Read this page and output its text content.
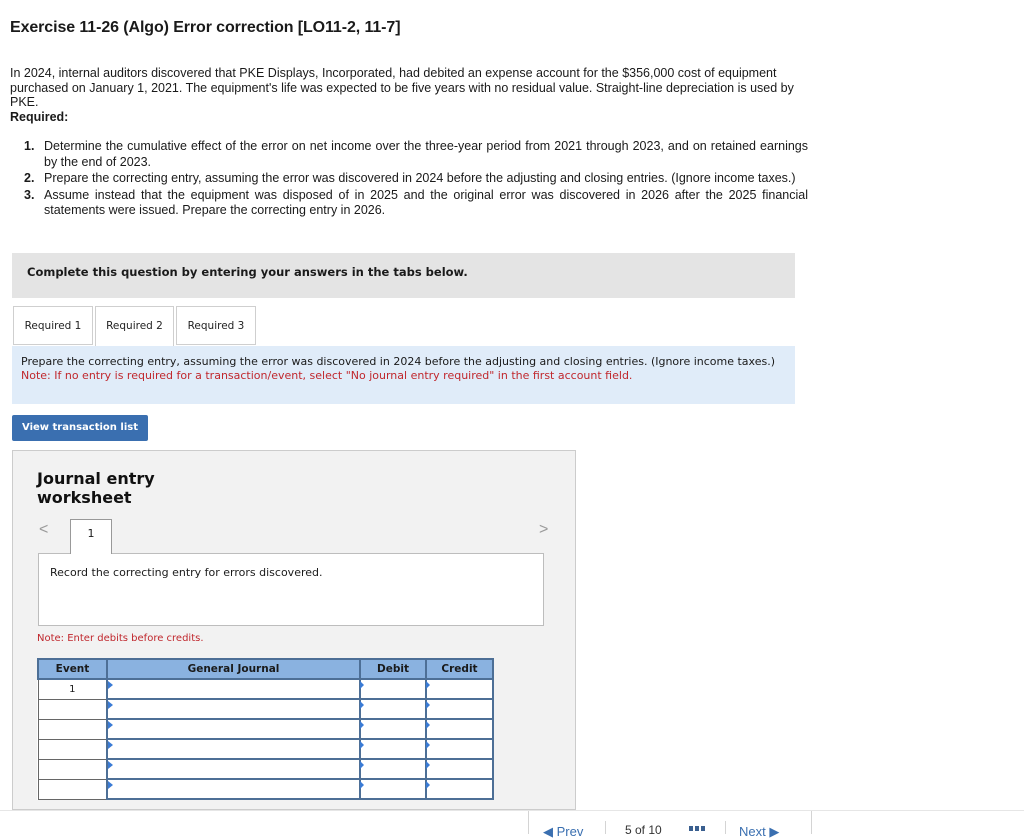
Exercise 11-26 (Algo) Error correction [LO11-2, 11-7]
In 2024, internal auditors discovered that PKE Displays, Incorporated, had debited an expense account for the $356,000 cost of equipment purchased on January 1, 2021. The equipment's life was expected to be five years with no residual value. Straight-line depreciation is used by PKE.
Required:
1. Determine the cumulative effect of the error on net income over the three-year period from 2021 through 2023, and on retained earnings by the end of 2023.
2. Prepare the correcting entry, assuming the error was discovered in 2024 before the adjusting and closing entries. (Ignore income taxes.)
3. Assume instead that the equipment was disposed of in 2025 and the original error was discovered in 2026 after the 2025 financial statements were issued. Prepare the correcting entry in 2026.
Complete this question by entering your answers in the tabs below.
Required 1	Required 2	Required 3
Prepare the correcting entry, assuming the error was discovered in 2024 before the adjusting and closing entries. (Ignore income taxes.)
Note: If no entry is required for a transaction/event, select "No journal entry required" in the first account field.
View transaction list
Journal entry worksheet
<	1	>
Record the correcting entry for errors discovered.
Note: Enter debits before credits.
Event	General Journal	Debit	Credit
1			

◀ Prev	5 of 10	Next ▶
